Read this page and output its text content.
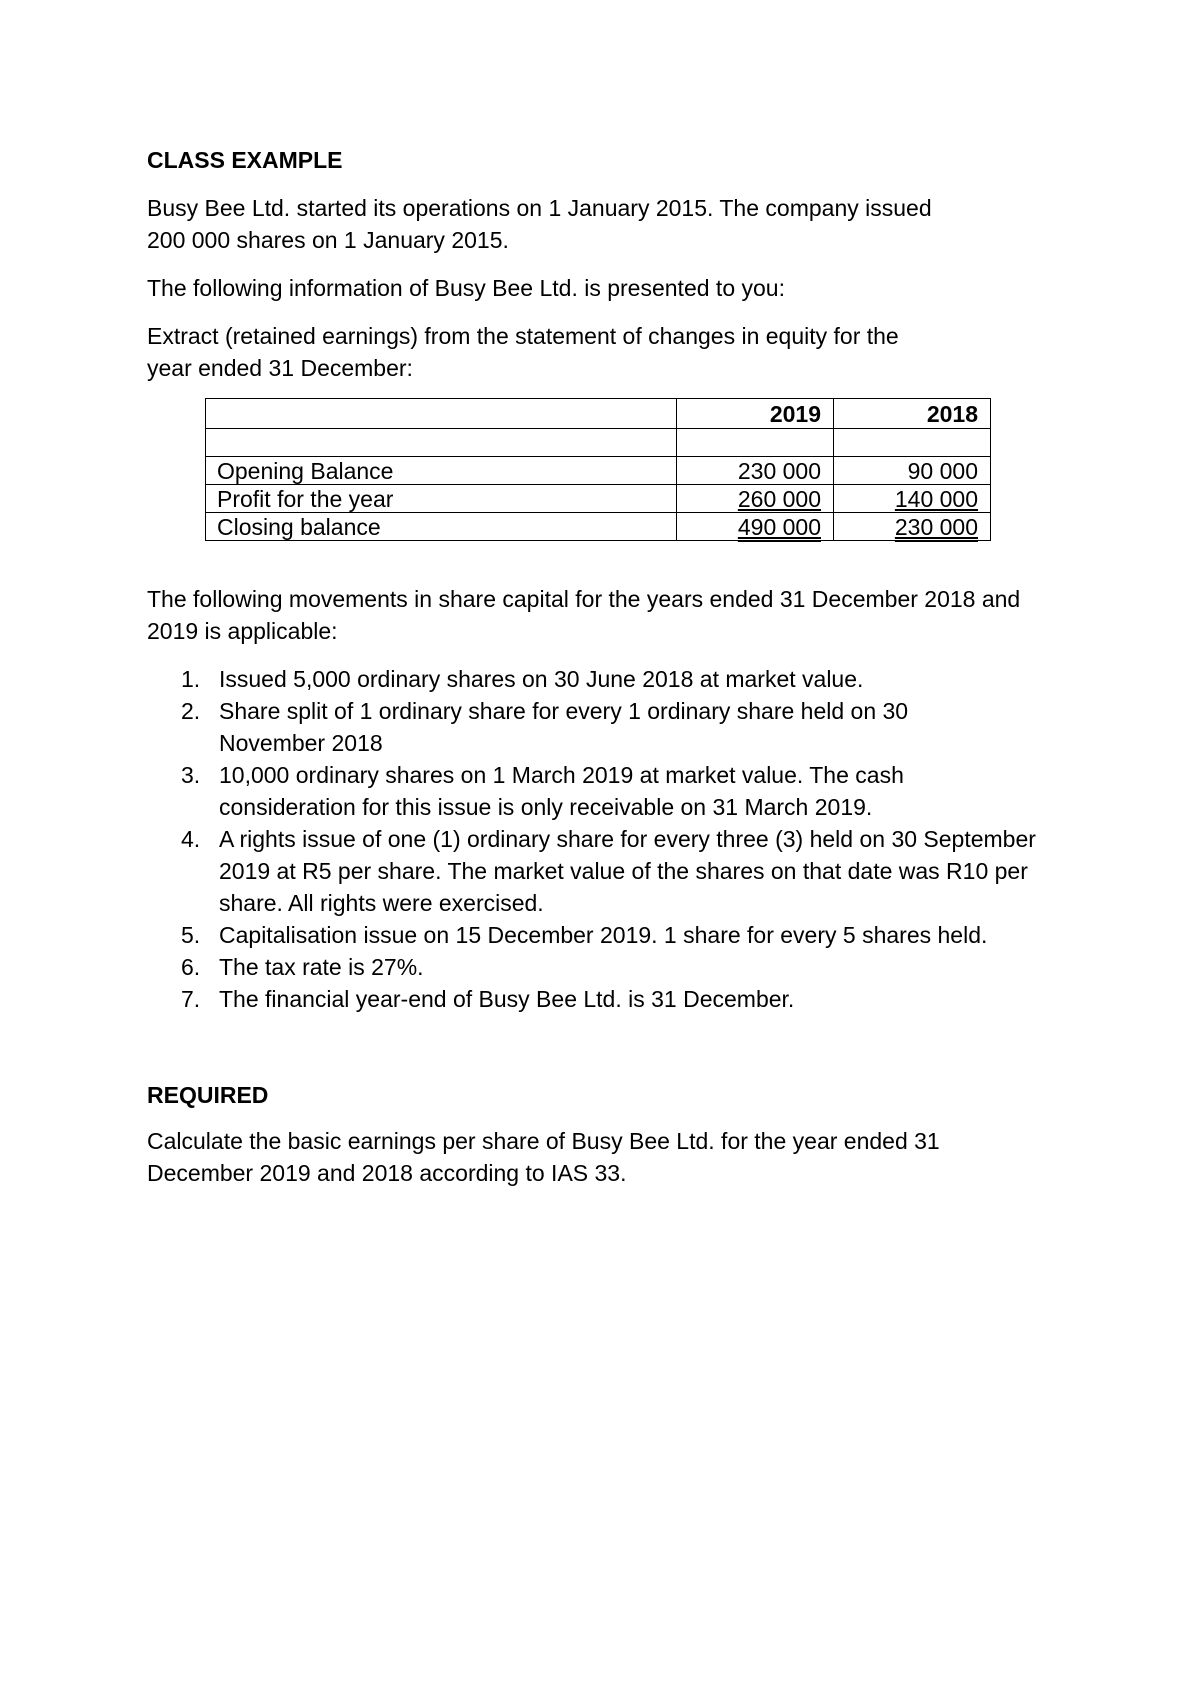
CLASS EXAMPLE

Busy Bee Ltd. started its operations on 1 January 2015. The company issued
200 000 shares on 1 January 2015.

The following information of Busy Bee Ltd. is presented to you:

Extract (retained earnings) from the statement of changes in equity for the year ended 31 December:

	2019	2018

Opening Balance	230 000	90 000
Profit for the year	260 000	140 000
Closing balance	490 000	230 000

The following movements in share capital for the years ended 31 December 2018 and 2019 is applicable:

1. Issued 5,000 ordinary shares on 30 June 2018 at market value.
2. Share split of 1 ordinary share for every 1 ordinary share held on 30 November 2018
3. 10,000 ordinary shares on 1 March 2019 at market value. The cash consideration for this issue is only receivable on 31 March 2019.
4. A rights issue of one (1) ordinary share for every three (3) held on 30 September 2019 at R5 per share. The market value of the shares on that date was R10 per share. All rights were exercised.
5. Capitalisation issue on 15 December 2019. 1 share for every 5 shares held.
6. The tax rate is 27%.
7. The financial year-end of Busy Bee Ltd. is 31 December.

REQUIRED

Calculate the basic earnings per share of Busy Bee Ltd. for the year ended 31 December 2019 and 2018 according to IAS 33.
